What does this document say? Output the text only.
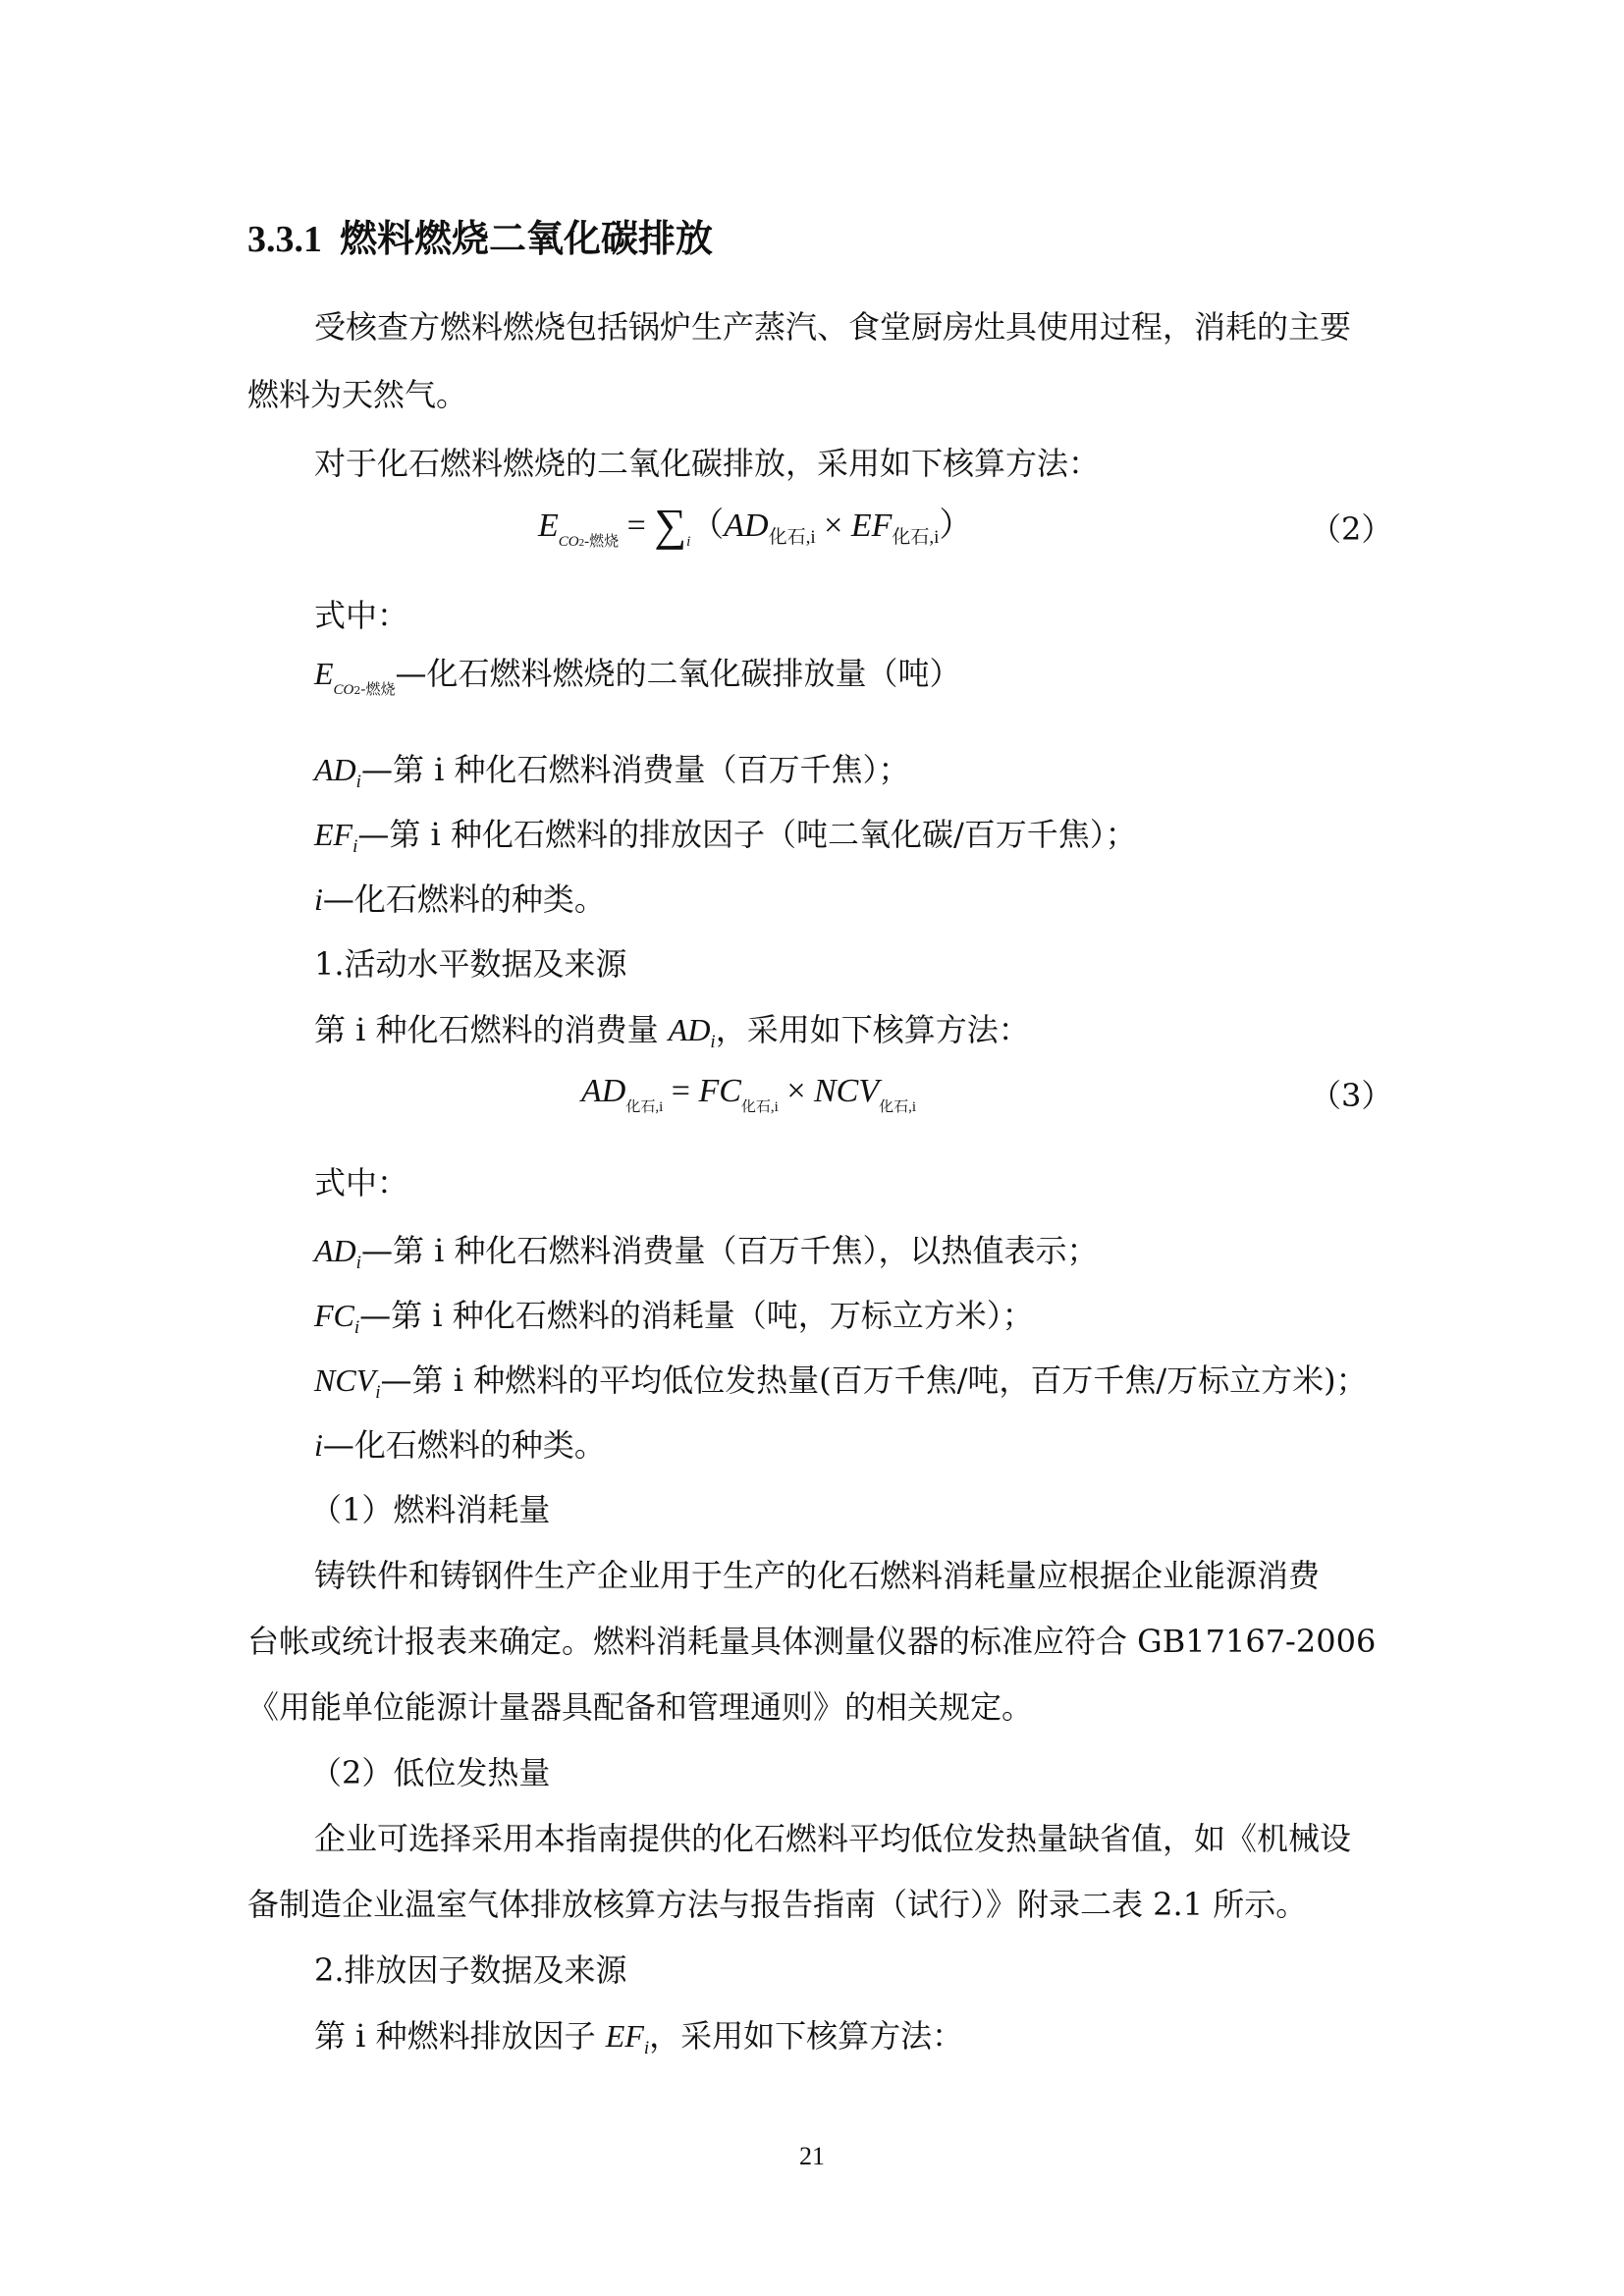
3.3.1 燃料燃烧二氧化碳排放
受核查方燃料燃烧包括锅炉生产蒸汽、食堂厨房灶具使用过程，消耗的主要
燃料为天然气。
对于化石燃料燃烧的二氧化碳排放，采用如下核算方法：
$E_{CO2-燃烧} = \sum_i(AD_{化石,i} \times EF_{化石,i})$	（2）
式中：
$E_{CO2-燃烧}—$化石燃料燃烧的二氧化碳排放量（吨）
$AD_i—$第 i 种化石燃料消费量（百万千焦）；
$EF_i—$第 i 种化石燃料的排放因子（吨二氧化碳/百万千焦）；
i—化石燃料的种类。
1.活动水平数据及来源
第 i 种化石燃料的消费量 $AD_i$，采用如下核算方法：
$AD_{化石,i} = FC_{化石,i} \times NCV_{化石,i}$	（3）
式中：
$AD_i—$第 i 种化石燃料消费量（百万千焦），以热值表示；
$FC_i—$第 i 种化石燃料的消耗量（吨，万标立方米）；
$NCV_i—$第 i 种燃料的平均低位发热量(百万千焦/吨，百万千焦/万标立方米)；
i—化石燃料的种类。
（1）燃料消耗量
铸铁件和铸钢件生产企业用于生产的化石燃料消耗量应根据企业能源消费
台帐或统计报表来确定。燃料消耗量具体测量仪器的标准应符合 GB17167-2006
《用能单位能源计量器具配备和管理通则》的相关规定。
（2）低位发热量
企业可选择采用本指南提供的化石燃料平均低位发热量缺省值，如《机械设
备制造企业温室气体排放核算方法与报告指南（试行）》附录二表 2.1 所示。
2.排放因子数据及来源
第 i 种燃料排放因子 $EF_i$，采用如下核算方法：
21
